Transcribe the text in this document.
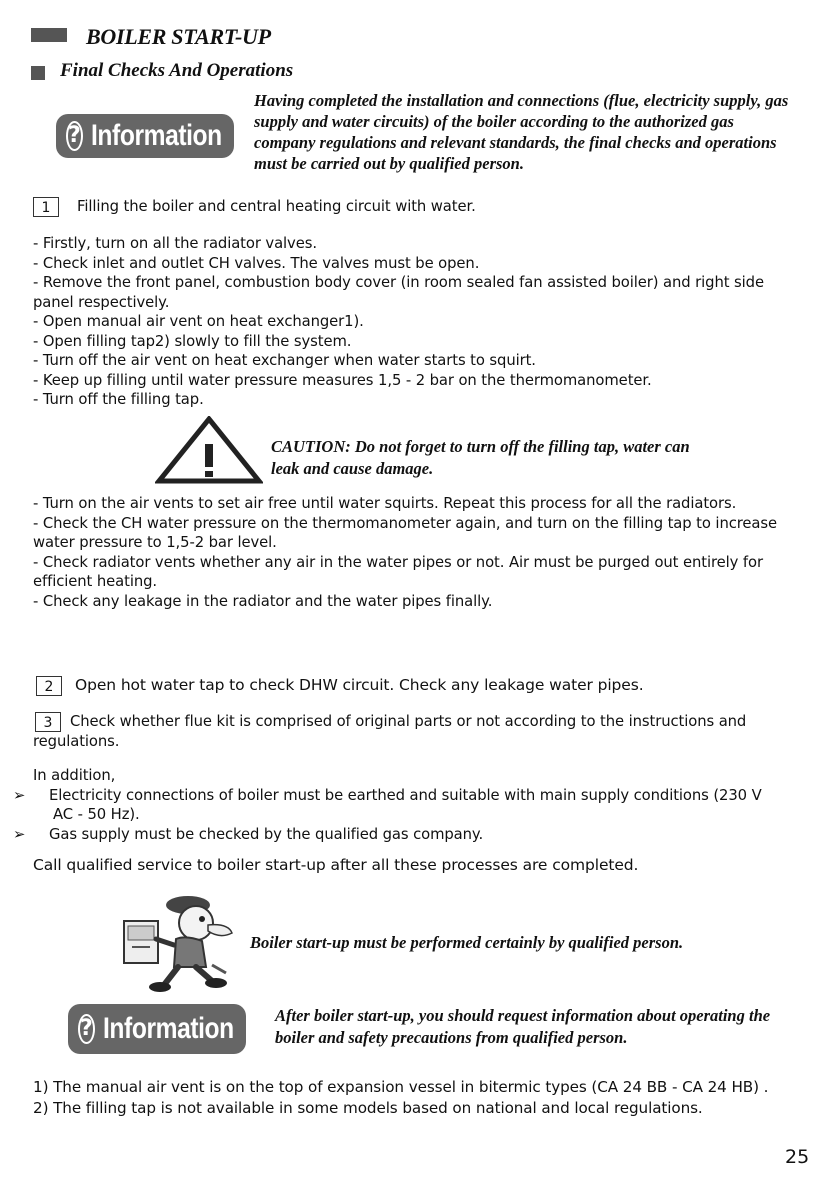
BOILER START-UP
Final Checks And Operations
? Information
Having completed the installation and connections (flue, electricity supply, gas supply and water circuits) of the boiler according to the authorized gas company regulations and relevant standards, the final checks and operations must be carried out by qualified person.
1	Filling the boiler and central heating circuit with water.

- Firstly, turn on all the radiator valves.

- Check inlet and outlet CH valves. The valves must be open.

- Remove the front panel, combustion body cover (in room sealed fan assisted boiler) and right side panel respectively.

- Open manual air vent on heat exchanger1).

- Open filling tap2) slowly to fill the system.

- Turn off the air vent on heat exchanger when water starts to squirt.

- Keep up filling until water pressure measures 1,5 - 2 bar on the thermomanometer.

- Turn off the filling tap.

CAUTION: Do not forget to turn off the filling tap, water can
leak and cause damage.

- Turn on the air vents to set air free until water squirts. Repeat this process for all the radiators.

- Check the CH water pressure on the thermomanometer again, and turn on the filling tap to increase water pressure to 1,5-2 bar level.

- Check radiator vents whether any air in the water pipes or not. Air must be purged out entirely for efficient heating.

- Check any leakage in the radiator and the water pipes finally.

2	Open hot water tap to check DHW circuit. Check any leakage water pipes.
3	Check whether flue kit is comprised of original parts or not according to the instructions and regulations.

In addition,

➢ Electricity connections of boiler must be earthed and suitable with main supply conditions (230 V AC - 50 Hz).

➢ Gas supply must be checked by the qualified gas company.

Call qualified service to boiler start-up after all these processes are completed.
Boiler start-up must be performed certainly by qualified person.
? Information	After boiler start-up, you should request information about operating the boiler and safety precautions from qualified person.

1) The manual air vent is on the top of expansion vessel in bitermic types (CA 24 BB - CA 24 HB) .

2) The filling tap is not available in some models based on national and local regulations.

25
